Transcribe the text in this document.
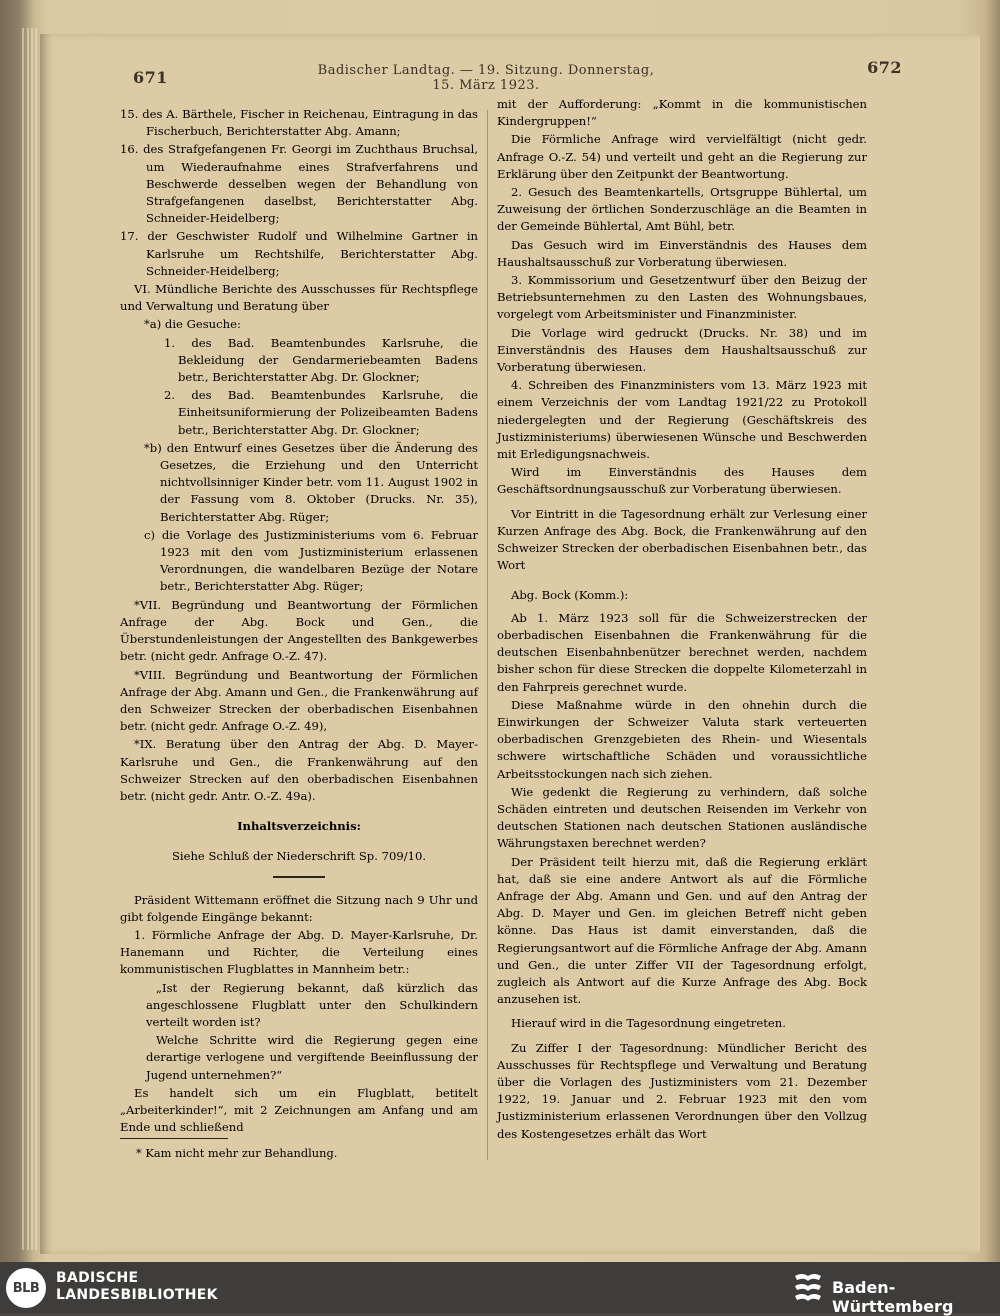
671	Badischer Landtag. — 19. Sitzung. Donnerstag, 15. März 1923.
672

15. des A. Bärthele, Fischer in Reichenau, Eintragung in das Fischerbuch, Berichterstatter Abg. Amann;

16. des Strafgefangenen Fr. Georgi im Zuchthaus Bruchsal, um Wiederaufnahme eines Strafverfahrens und Beschwerde desselben wegen der Behandlung von Strafgefangenen daselbst, Berichterstatter Abg. Schneider-Heidelberg;

17. der Geschwister Rudolf und Wilhelmine Gartner in Karlsruhe um Rechtshilfe, Berichterstatter Abg. Schneider-Heidelberg;

VI. Mündliche Berichte des Ausschusses für Rechtspflege und Verwaltung und Beratung über

*a) die Gesuche:

1. des Bad. Beamtenbundes Karlsruhe, die Bekleidung der Gendarmeriebeamten Badens betr., Berichterstatter Abg. Dr. Glockner;

2. des Bad. Beamtenbundes Karlsruhe, die Einheitsuniformierung der Polizeibeamten Badens betr., Berichterstatter Abg. Dr. Glockner;

*b) den Entwurf eines Gesetzes über die Änderung des Gesetzes, die Erziehung und den Unterricht nichtvollsinniger Kinder betr. vom 11. August 1902 in der Fassung vom 8. Oktober (Drucks. Nr. 35), Berichterstatter Abg. Rüger;

c) die Vorlage des Justizministeriums vom 6. Februar 1923 mit den vom Justizministerium erlassenen Verordnungen, die wandelbaren Bezüge der Notare betr., Berichterstatter Abg. Rüger;

*VII. Begründung und Beantwortung der Förmlichen Anfrage der Abg. Bock und Gen., die Überstundenleistungen der Angestellten des Bankgewerbes betr. (nicht gedr. Anfrage O.-Z. 47).

*VIII. Begründung und Beantwortung der Förmlichen Anfrage der Abg. Amann und Gen., die Frankenwährung auf den Schweizer Strecken der oberbadischen Eisenbahnen betr. (nicht gedr. Anfrage O.-Z. 49),

*IX. Beratung über den Antrag der Abg. D. Mayer-Karlsruhe und Gen., die Frankenwährung auf den Schweizer Strecken auf den oberbadischen Eisenbahnen betr. (nicht gedr. Antr. O.-Z. 49a).

Inhaltsverzeichnis:

Siehe Schluß der Niederschrift Sp. 709/10.

Präsident Wittemann eröffnet die Sitzung nach 9 Uhr und gibt folgende Eingänge bekannt:

1. Förmliche Anfrage der Abg. D. Mayer-Karlsruhe, Dr. Hanemann und Richter, die Verteilung eines kommunistischen Flugblattes in Mannheim betr.:

„Ist der Regierung bekannt, daß kürzlich das angeschlossene Flugblatt unter den Schulkindern verteilt worden ist?

Welche Schritte wird die Regierung gegen eine derartige verlogene und vergiftende Beeinflussung der Jugend unternehmen?“

Es handelt sich um ein Flugblatt, betitelt „Arbeiterkinder!“, mit 2 Zeichnungen am Anfang und am Ende und schließend

* Kam nicht mehr zur Behandlung.

mit der Aufforderung: „Kommt in die kommunistischen Kindergruppen!“

Die Förmliche Anfrage wird vervielfältigt (nicht gedr. Anfrage O.-Z. 54) und verteilt und geht an die Regierung zur Erklärung über den Zeitpunkt der Beantwortung.

2. Gesuch des Beamtenkartells, Ortsgruppe Bühlertal, um Zuweisung der örtlichen Sonderzuschläge an die Beamten in der Gemeinde Bühlertal, Amt Bühl, betr.

Das Gesuch wird im Einverständnis des Hauses dem Haushaltsausschuß zur Vorberatung überwiesen.

3. Kommissorium und Gesetzentwurf über den Beizug der Betriebsunternehmen zu den Lasten des Wohnungsbaues, vorgelegt vom Arbeitsminister und Finanzminister.

Die Vorlage wird gedruckt (Drucks. Nr. 38) und im Einverständnis des Hauses dem Haushaltsausschuß zur Vorberatung überwiesen.

4. Schreiben des Finanzministers vom 13. März 1923 mit einem Verzeichnis der vom Landtag 1921/22 zu Protokoll niedergelegten und der Regierung (Geschäftskreis des Justizministeriums) überwiesenen Wünsche und Beschwerden mit Erledigungsnachweis.

Wird im Einverständnis des Hauses dem Geschäftsordnungsausschuß zur Vorberatung überwiesen.

Vor Eintritt in die Tagesordnung erhält zur Verlesung einer Kurzen Anfrage des Abg. Bock, die Frankenwährung auf den Schweizer Strecken der oberbadischen Eisenbahnen betr., das Wort

Abg. Bock (Komm.):

Ab 1. März 1923 soll für die Schweizerstrecken der oberbadischen Eisenbahnen die Frankenwährung für die deutschen Eisenbahnbenützer berechnet werden, nachdem bisher schon für diese Strecken die doppelte Kilometerzahl in den Fahrpreis gerechnet wurde.

Diese Maßnahme würde in den ohnehin durch die Einwirkungen der Schweizer Valuta stark verteuerten oberbadischen Grenzgebieten des Rhein- und Wiesentals schwere wirtschaftliche Schäden und voraussichtliche Arbeitsstockungen nach sich ziehen.

Wie gedenkt die Regierung zu verhindern, daß solche Schäden eintreten und deutschen Reisenden im Verkehr von deutschen Stationen nach deutschen Stationen ausländische Währungstaxen berechnet werden?

Der Präsident teilt hierzu mit, daß die Regierung erklärt hat, daß sie eine andere Antwort als auf die Förmliche Anfrage der Abg. Amann und Gen. und auf den Antrag der Abg. D. Mayer und Gen. im gleichen Betreff nicht geben könne. Das Haus ist damit einverstanden, daß die Regierungsantwort auf die Förmliche Anfrage der Abg. Amann und Gen., die unter Ziffer VII der Tagesordnung erfolgt, zugleich als Antwort auf die Kurze Anfrage des Abg. Bock anzusehen ist.

Hierauf wird in die Tagesordnung eingetreten.

Zu Ziffer I der Tagesordnung: Mündlicher Bericht des Ausschusses für Rechtspflege und Verwaltung und Beratung über die Vorlagen des Justizministers vom 21. Dezember 1922, 19. Januar und 2. Februar 1923 mit den vom Justizministerium erlassenen Verordnungen über den Vollzug des Kostengesetzes erhält das Wort

BLB
BADISCHE
LANDESBIBLIOTHEK	Baden-Württemberg
